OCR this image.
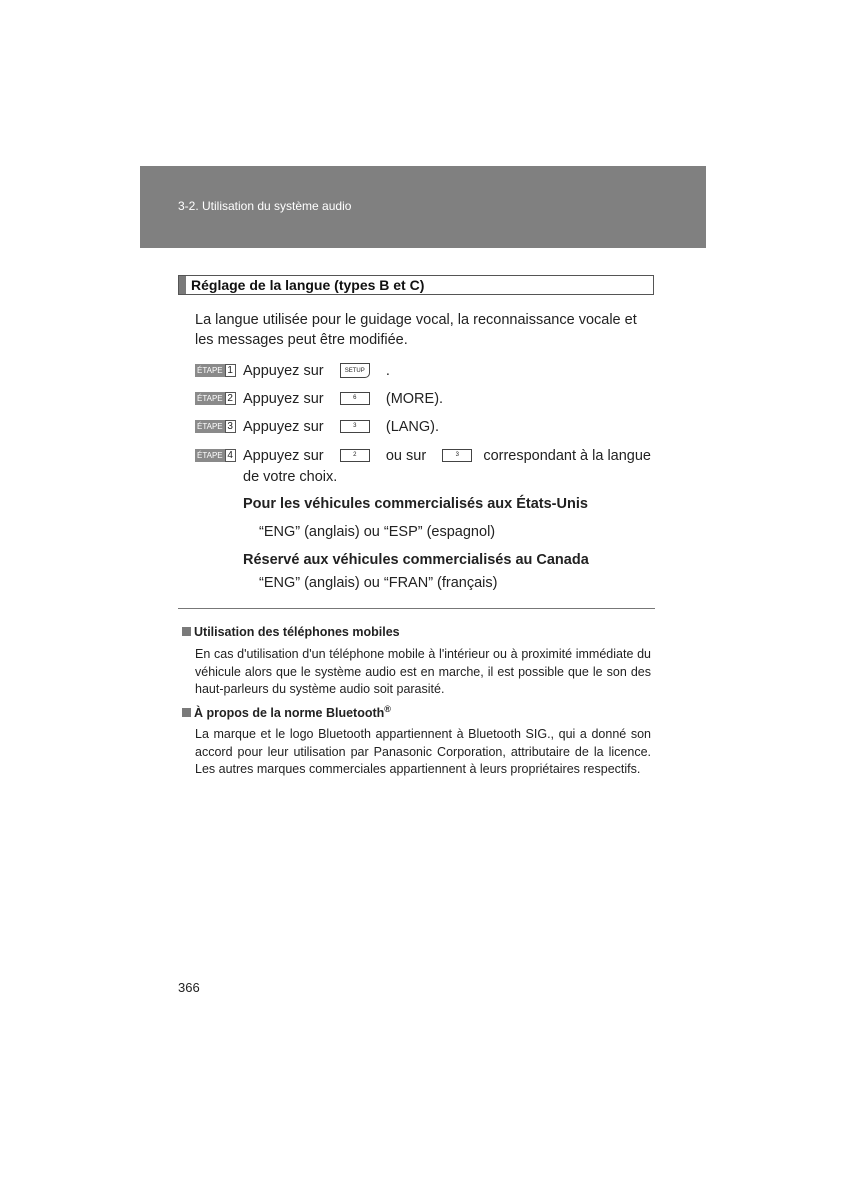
3-2. Utilisation du système audio
Réglage de la langue (types B et C)
La langue utilisée pour le guidage vocal, la reconnaissance vocale et les messages peut être modifiée.
ÉTAPE 1 Appuyez sur	SETUP .
ÉTAPE 2 Appuyez sur	6 (MORE).
ÉTAPE 3 Appuyez sur	3 (LANG).
ÉTAPE 4 Appuyez sur	2 ou sur	3 correspondant à la langue
de votre choix.
Pour les véhicules commercialisés aux États-Unis
“ENG” (anglais) ou “ESP” (espagnol)
Réservé aux véhicules commercialisés au Canada
“ENG” (anglais) ou “FRAN” (français)
Utilisation des téléphones mobiles
En cas d'utilisation d'un téléphone mobile à l'intérieur ou à proximité immédiate du véhicule alors que le système audio est en marche, il est possible que le son des haut-parleurs du système audio soit parasité.
À propos de la norme Bluetooth®
La marque et le logo Bluetooth appartiennent à Bluetooth SIG., qui a donné son accord pour leur utilisation par Panasonic Corporation, attributaire de la licence. Les autres marques commerciales appartiennent à leurs propriétaires respectifs.
366
